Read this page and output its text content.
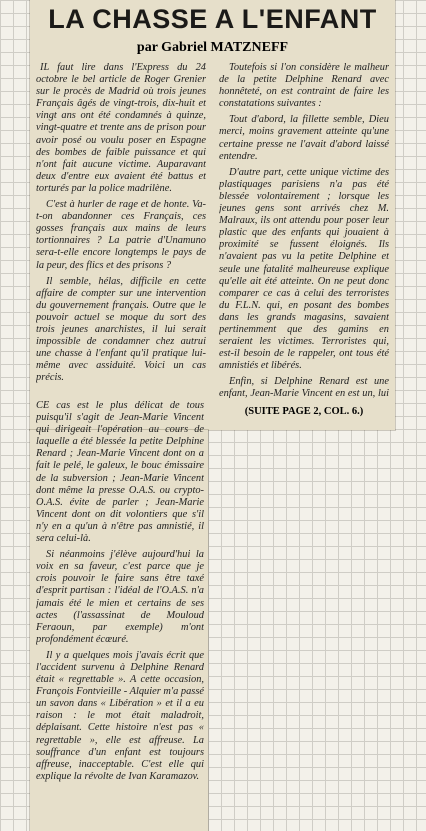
LA CHASSE A L'ENFANT
par Gabriel MATZNEFF

IL faut lire dans l'Express du 24 octobre le bel article de Roger Grenier sur le procès de Madrid où trois jeunes Français âgés de vingt-trois, dix-huit et vingt ans ont été condamnés à quinze, vingt-quatre et trente ans de prison pour avoir posé ou voulu poser en Espagne des bombes de faible puissance et qui n'ont fait aucune victime. Auparavant deux d'entre eux avaient été battus et torturés par la police madrilène.

C'est à hurler de rage et de honte. Va-t-on abandonner ces Français, ces gosses français aux mains de leurs tortionnaires ? La patrie d'Unamuno sera-t-elle encore longtemps le pays de la peur, des flics et des prisons ?

Il semble, hélas, difficile en cette affaire de compter sur une intervention du gouvernement français. Outre que le pouvoir actuel se moque du sort des trois jeunes anarchistes, il lui serait impossible de condamner chez autrui une chasse à l'enfant qu'il pratique lui-même avec assiduité. Voici un cas précis.

Toutefois si l'on considère le malheur de la petite Delphine Renard avec honnêteté, on est contraint de faire les constatations suivantes :

Tout d'abord, la fillette semble, Dieu merci, moins gravement atteinte qu'une certaine presse ne l'avait d'abord laissé entendre.

D'autre part, cette unique victime des plastiquages parisiens n'a pas été blessée volontairement ; lorsque les jeunes gens sont arrivés chez M. Malraux, ils ont attendu pour poser leur plastic que des enfants qui jouaient à proximité se fussent éloignés. Ils n'avaient pas vu la petite Delphine et seule une fatalité malheureuse explique qu'elle ait été atteinte. On ne peut donc comparer ce cas à celui des terroristes du F.L.N. qui, en posant des bombes dans les grands magasins, savaient pertinemment que des gamins en seraient les victimes. Terroristes qui, est-il besoin de le rappeler, ont tous été amnistiés et libérés.

Enfin, si Delphine Renard est une enfant, Jean-Marie Vincent en est un, lui

(SUITE PAGE 2, COL. 6.)

CE cas est le plus délicat de tous puisqu'il s'agit de Jean-Marie Vincent qui dirigeait l'opération au cours de laquelle a été blessée la petite Delphine Renard ; Jean-Marie Vincent dont on a fait le pelé, le galeux, le bouc émissaire de la subversion ; Jean-Marie Vincent dont même la presse O.A.S. ou crypto-O.A.S. évite de parler ; Jean-Marie Vincent dont on dit volontiers que s'il n'y en a qu'un à n'être pas amnistié, il sera celui-là.

Si néanmoins j'élève aujourd'hui la voix en sa faveur, c'est parce que je crois pouvoir le faire sans être taxé d'esprit partisan : l'idéal de l'O.A.S. n'a jamais été le mien et certains de ses actes (l'assassinat de Mouloud Feraoun, par exemple) m'ont profondément écœuré.

Il y a quelques mois j'avais écrit que l'accident survenu à Delphine Renard était « regrettable ». A cette occasion, François Fontvieille - Alquier m'a passé un savon dans « Libération » et il a eu raison : le mot était maladroit, déplaisant. Cette histoire n'est pas « regrettable », elle est affreuse. La souffrance d'un enfant est toujours affreuse, inacceptable. C'est elle qui explique la révolte de Ivan Karamazov.
